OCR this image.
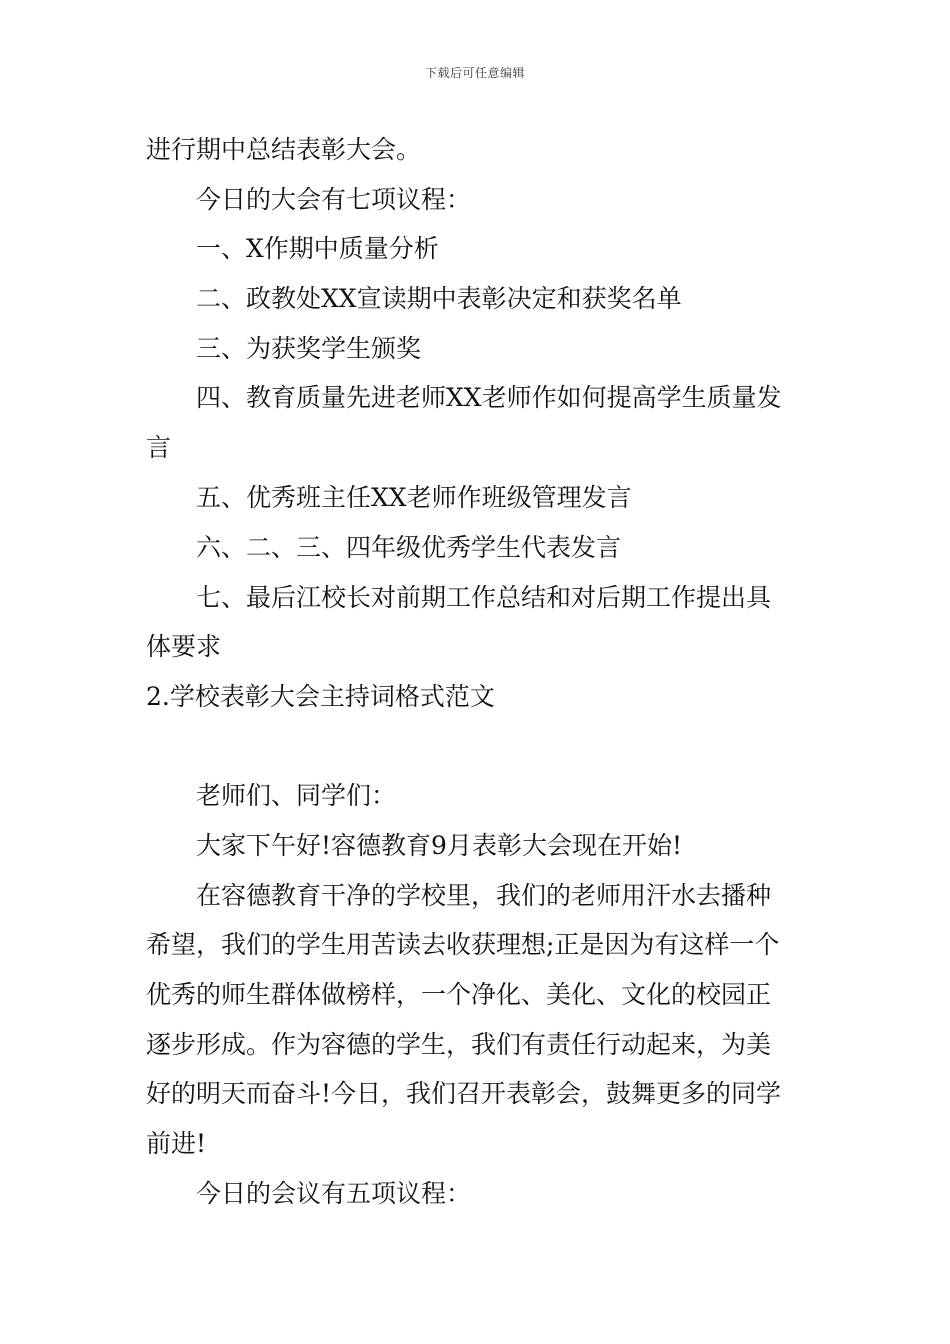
下载后可任意编辑
进行期中总结表彰大会。
今日的大会有七项议程：
一、X作期中质量分析
二、政教处XX宣读期中表彰决定和获奖名单
三、为获奖学生颁奖
四、教育质量先进老师XX老师作如何提高学生质量发
言
五、优秀班主任XX老师作班级管理发言
六、二、三、四年级优秀学生代表发言
七、最后江校长对前期工作总结和对后期工作提出具
体要求
2.学校表彰大会主持词格式范文
老师们、同学们：
大家下午好!容德教育9月表彰大会现在开始!
在容德教育干净的学校里，我们的老师用汗水去播种
希望，我们的学生用苦读去收获理想;正是因为有这样一个
优秀的师生群体做榜样，一个净化、美化、文化的校园正
逐步形成。作为容德的学生，我们有责任行动起来，为美
好的明天而奋斗!今日，我们召开表彰会，鼓舞更多的同学
前进!
今日的会议有五项议程：
